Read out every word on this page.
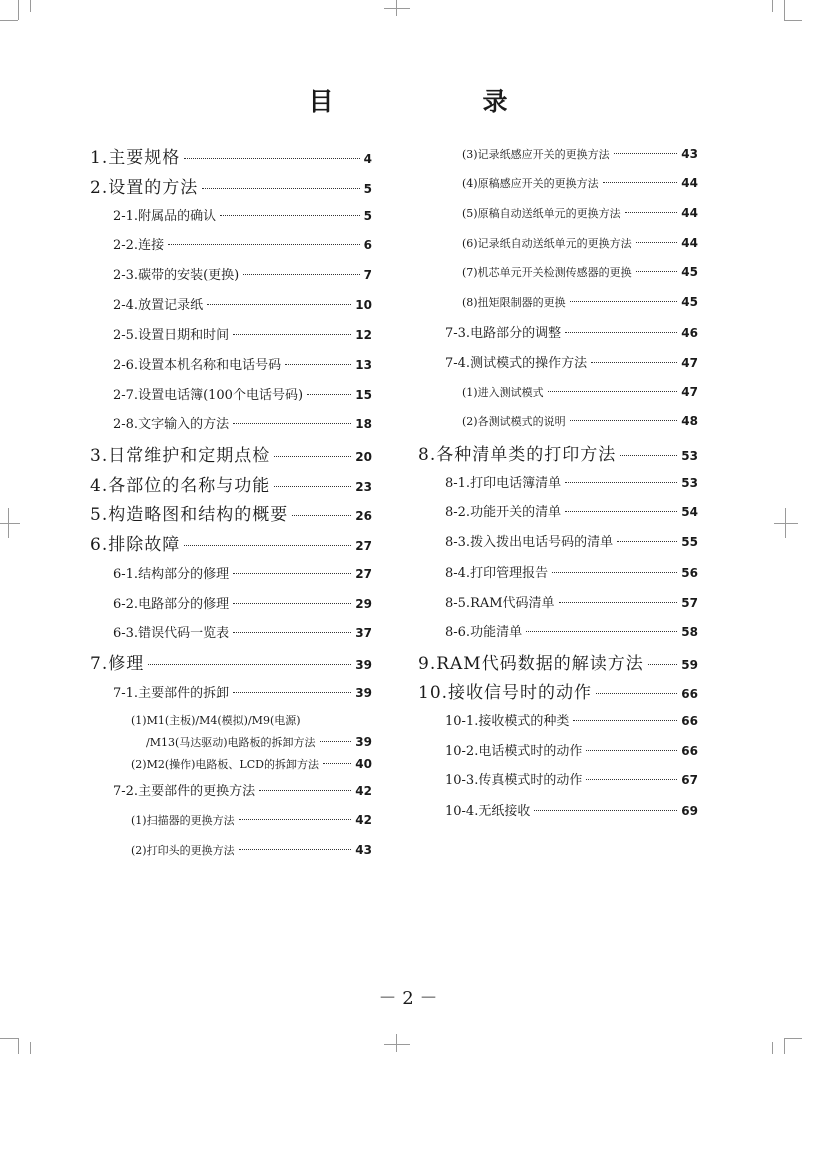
目　录
1.主要规格	4
2.设置的方法	5
2-1.附属品的确认	5
2-2.连接	6
2-3.碳带的安装(更换)	7
2-4.放置记录纸	10
2-5.设置日期和时间	12
2-6.设置本机名称和电话号码	13
2-7.设置电话簿(100个电话号码)	15
2-8.文字输入的方法	18
3.日常维护和定期点检	20
4.各部位的名称与功能	23
5.构造略图和结构的概要	26
6.排除故障	27
6-1.结构部分的修理	27
6-2.电路部分的修理	29
6-3.错误代码一览表	37
7.修理	39
7-1.主要部件的拆卸	39
(1)M1(主板)/M4(模拟)/M9(电源)
/M13(马达驱动)电路板的拆卸方法	39
(2)M2(操作)电路板、LCD的拆卸方法	40
7-2.主要部件的更换方法	42
(1)扫描器的更换方法	42
(2)打印头的更换方法	43
(3)记录纸感应开关的更换方法	43
(4)原稿感应开关的更换方法	44
(5)原稿自动送纸单元的更换方法	44
(6)记录纸自动送纸单元的更换方法	44
(7)机芯单元开关检测传感器的更换	45
(8)扭矩限制器的更换	45
7-3.电路部分的调整	46
7-4.测试模式的操作方法	47
(1)进入测试模式	47
(2)各测试模式的说明	48
8.各种清单类的打印方法	53
8-1.打印电话簿清单	53
8-2.功能开关的清单	54
8-3.拨入拨出电话号码的清单	55
8-4.打印管理报告	56
8-5.RAM代码清单	57
8-6.功能清单	58
9.RAM代码数据的解读方法	59
10.接收信号时的动作	66
10-1.接收模式的种类	66
10-2.电话模式时的动作	66
10-3.传真模式时的动作	67
10-4.无纸接收	69
－ 2 －
